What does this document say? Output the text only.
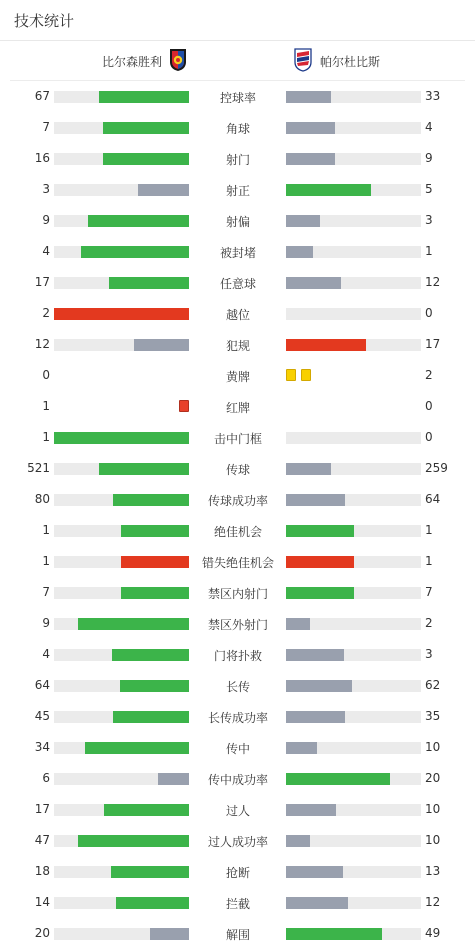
技术统计
比尔森胜利	帕尔杜比斯
67	控球率	33
7	角球	4
16	射门	9
3	射正	5
9	射偏	3
4	被封堵	1
17	任意球	12
2	越位	0
12	犯规	17
0	黄牌	2
1	红牌	0
1	击中门框	0
521	传球	259
80	传球成功率	64
1	绝佳机会	1
1	错失绝佳机会	1
7	禁区内射门	7
9	禁区外射门	2
4	门将扑救	3
64	长传	62
45	长传成功率	35
34	传中	10
6	传中成功率	20
17	过人	10
47	过人成功率	10
18	抢断	13
14	拦截	12
20	解围	49
